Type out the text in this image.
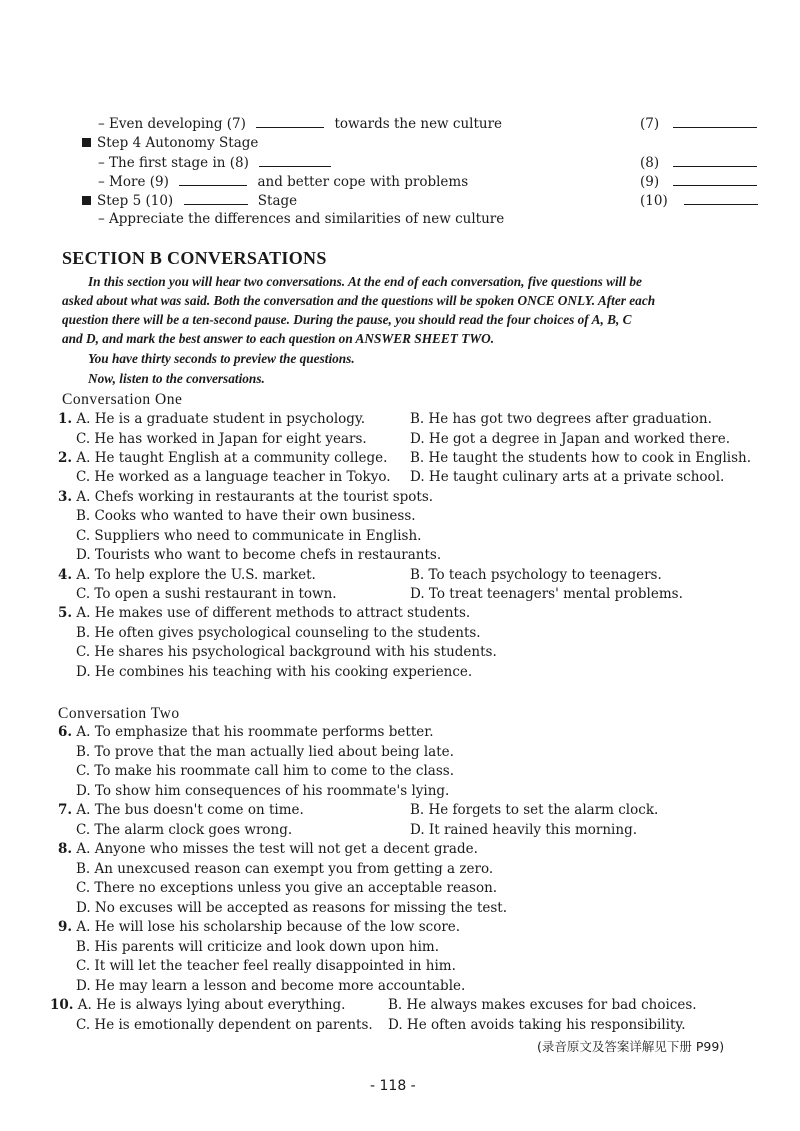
– Even developing (7)	towards the new culture	(7)
Step 4 Autonomy Stage
– The first stage in (8)	(8)
– More (9)	and better cope with problems	(9)
Step 5 (10)	Stage	(10)
– Appreciate the differences and similarities of new culture
SECTION B CONVERSATIONS
In this section you will hear two conversations. At the end of each conversation, five questions will be
asked about what was said. Both the conversation and the questions will be spoken ONCE ONLY. After each
question there will be a ten-second pause. During the pause, you should read the four choices of A, B, C
and D, and mark the best answer to each question on ANSWER SHEET TWO.
You have thirty seconds to preview the questions.
Now, listen to the conversations.
Conversation One
1. A. He is a graduate student in psychology.	B. He has got two degrees after graduation.
C. He has worked in Japan for eight years.	D. He got a degree in Japan and worked there.
2. A. He taught English at a community college. B. He taught the students how to cook in English.
C. He worked as a language teacher in Tokyo. D. He taught culinary arts at a private school.
3. A. Chefs working in restaurants at the tourist spots.
B. Cooks who wanted to have their own business.
C. Suppliers who need to communicate in English.
D. Tourists who want to become chefs in restaurants.
4. A. To help explore the U.S. market.	B. To teach psychology to teenagers.
C. To open a sushi restaurant in town.	D. To treat teenagers' mental problems.
5. A. He makes use of different methods to attract students.
B. He often gives psychological counseling to the students.
C. He shares his psychological background with his students.
D. He combines his teaching with his cooking experience.
Conversation Two
6. A. To emphasize that his roommate performs better.
B. To prove that the man actually lied about being late.
C. To make his roommate call him to come to the class.
D. To show him consequences of his roommate's lying.
7. A. The bus doesn't come on time.	B. He forgets to set the alarm clock.
C. The alarm clock goes wrong.	D. It rained heavily this morning.
8. A. Anyone who misses the test will not get a decent grade.
B. An unexcused reason can exempt you from getting a zero.
C. There no exceptions unless you give an acceptable reason.
D. No excuses will be accepted as reasons for missing the test.
9. A. He will lose his scholarship because of the low score.
B. His parents will criticize and look down upon him.
C. It will let the teacher feel really disappointed in him.
D. He may learn a lesson and become more accountable.
10. A. He is always lying about everything.	B. He always makes excuses for bad choices.
C. He is emotionally dependent on parents. D. He often avoids taking his responsibility.
(录音原文及答案详解见下册 P99)
- 118 -
